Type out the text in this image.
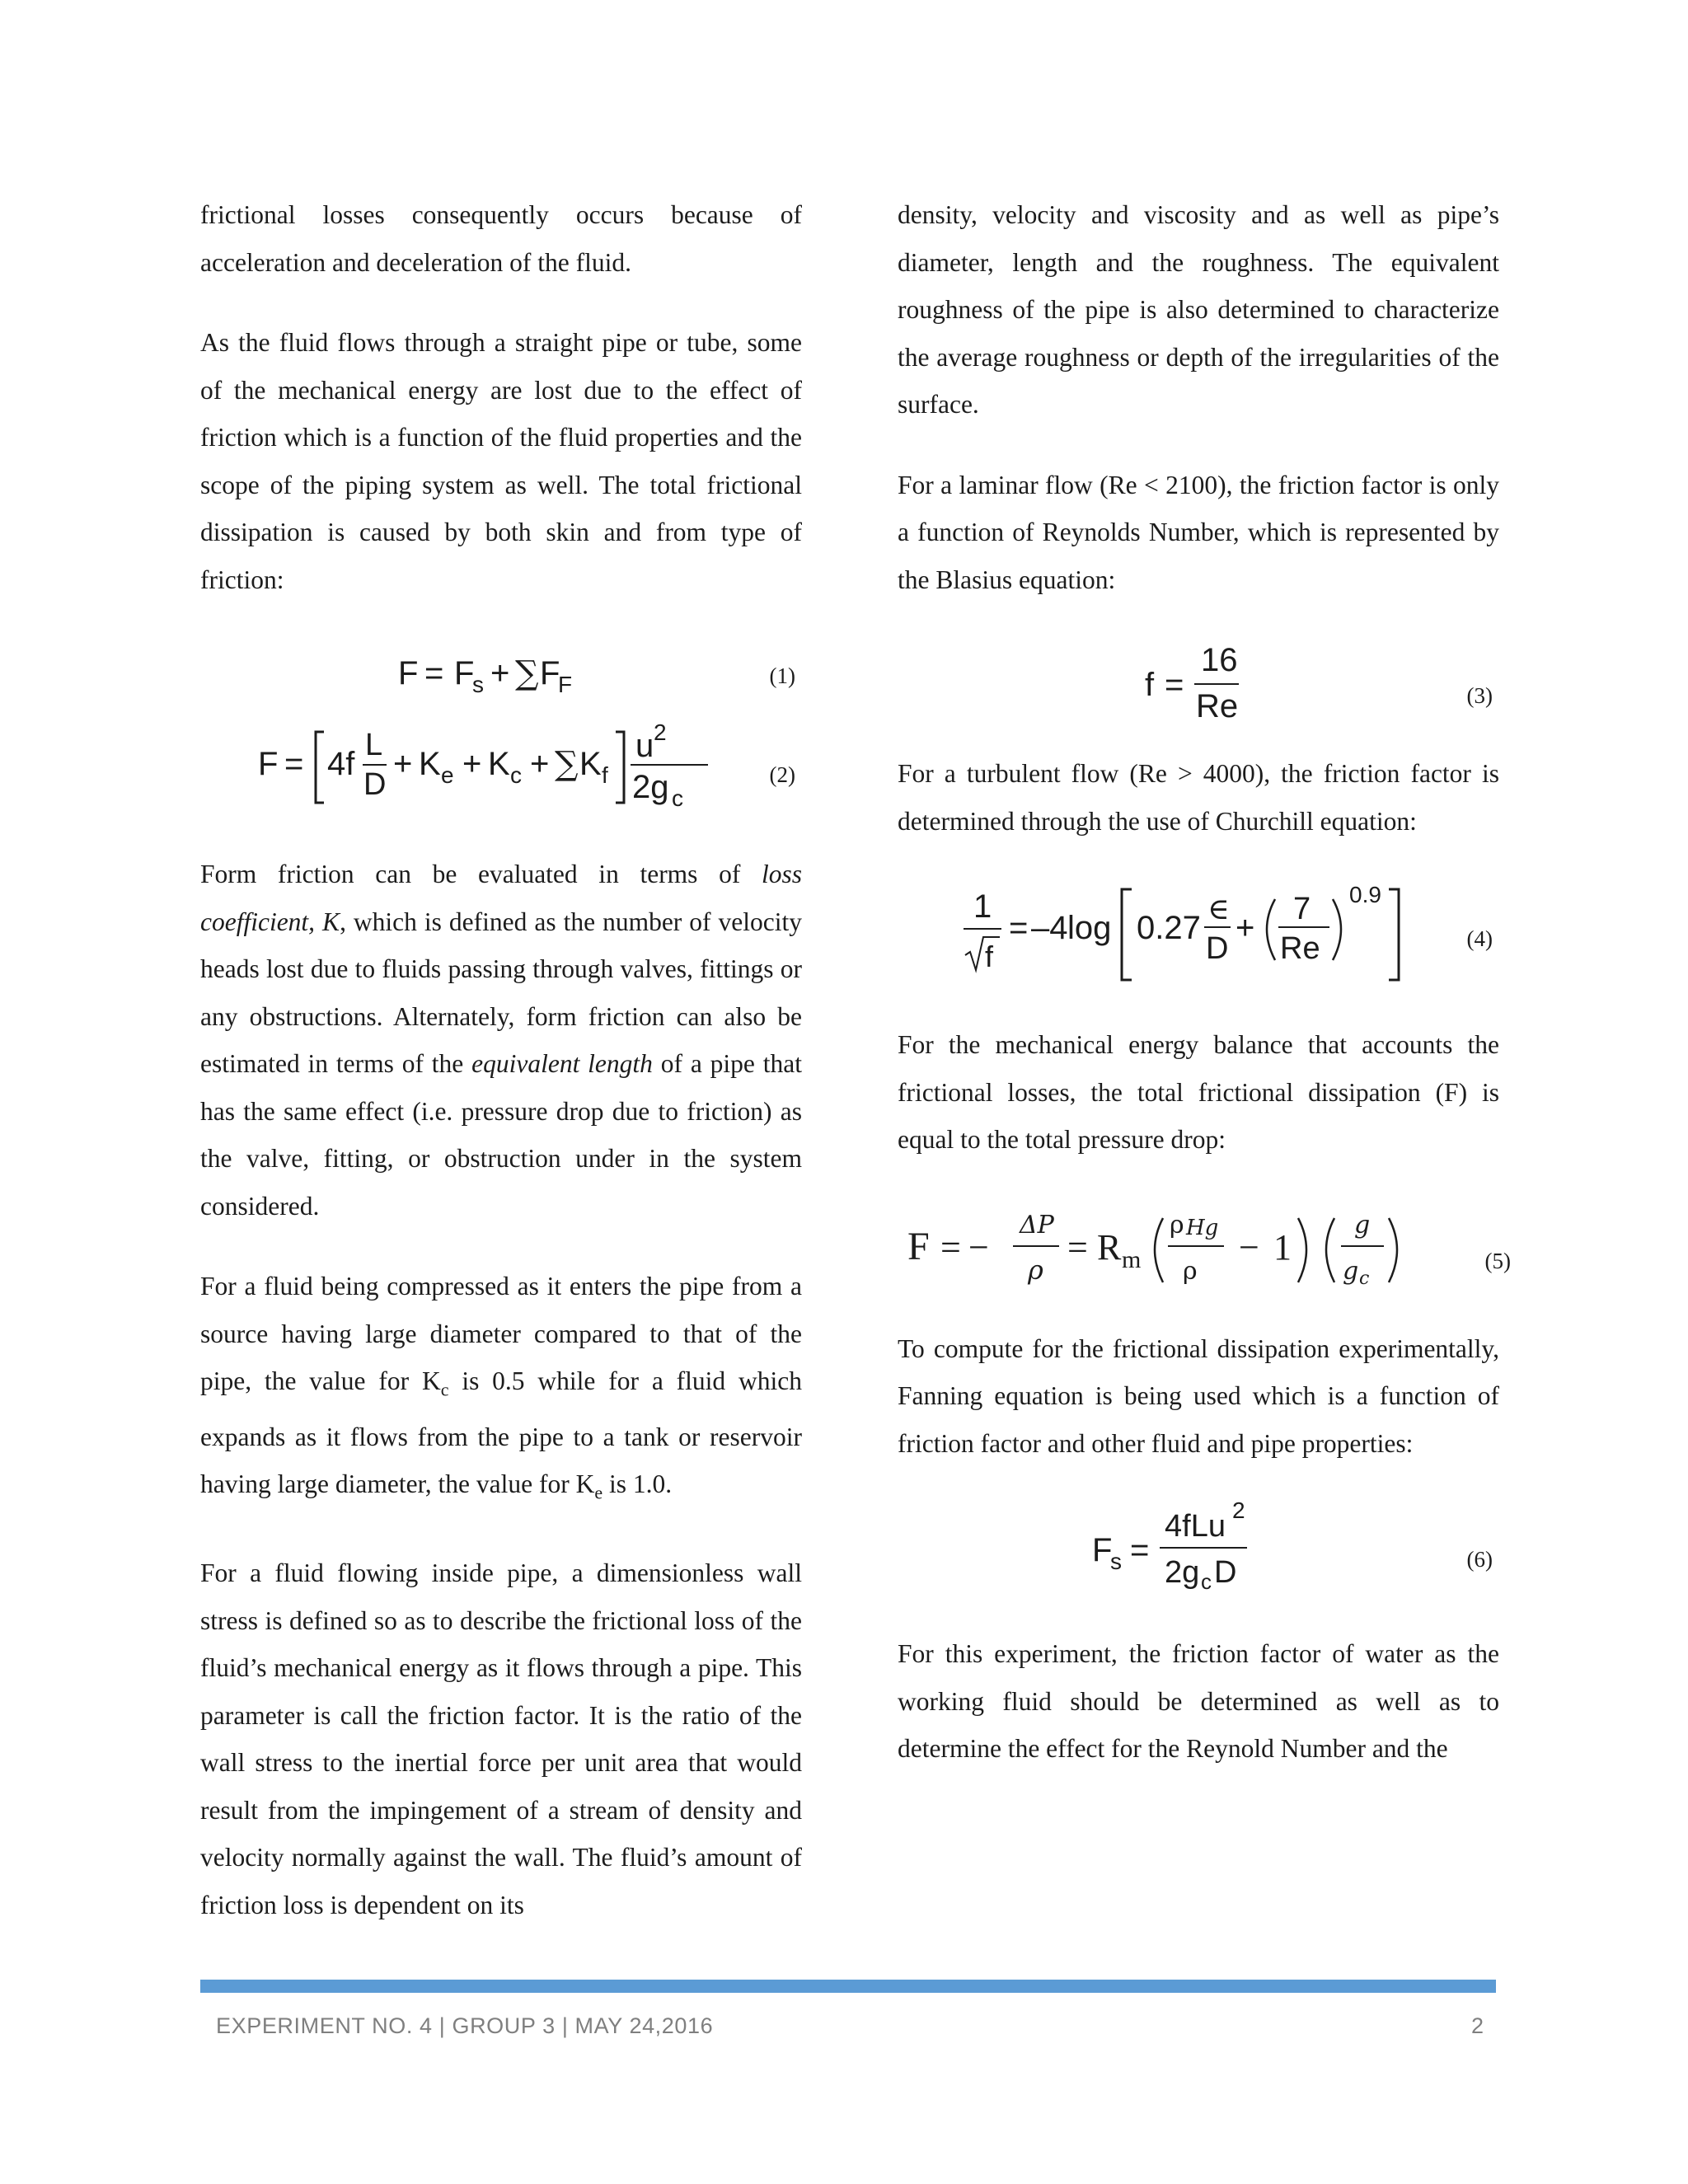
frictional losses consequently occurs because of acceleration and deceleration of the fluid.

As the fluid flows through a straight pipe or tube, some of the mechanical energy are lost due to the effect of friction which is a function of the fluid properties and the scope of the piping system as well. The total frictional dissipation is caused by both skin and from type of friction:

F = F
s + ∑ F
F	(1)
F = 4f
L
D
+ K e + K c + ∑ K f
u 2
2g c
(2)

Form friction can be evaluated in terms of loss coefficient, K, which is defined as the number of velocity heads lost due to fluids passing through valves, fittings or any obstructions. Alternately, form friction can also be estimated in terms of the equivalent length of a pipe that has the same effect (i.e. pressure drop due to friction) as the valve, fitting, or obstruction under in the system considered.

For a fluid being compressed as it enters the pipe from a source having large diameter compared to that of the pipe, the value for $K_c$ is 0.5 while for a fluid which expands as it flows from the pipe to a tank or reservoir having large diameter, the value for $K_e$ is 1.0.

For a fluid flowing inside pipe, a dimensionless wall stress is defined so as to describe the frictional loss of the fluid’s mechanical energy as it flows through a pipe. This parameter is call the friction factor. It is the ratio of the wall stress to the inertial force per unit area that would result from the impingement of a stream of density and velocity normally against the wall. The fluid’s amount of friction loss is dependent on its

density, velocity and viscosity and as well as pipe’s diameter, length and the roughness. The equivalent roughness of the pipe is also determined to characterize the average roughness or depth of the irregularities of the surface.

For a laminar flow (Re < 2100), the friction factor is only a function of Reynolds Number, which is represented by the Blasius equation:

f =
16
Re	(3)

For a turbulent flow (Re > 4000), the friction factor is determined through the use of Churchill equation:

1
f
= –4 log 0.27
∈
D
+
7
Re
0.9
(4)

For the mechanical energy balance that accounts the frictional losses, the total frictional dissipation (F) is equal to the total pressure drop:

F = −
ΔP
ρ
= R m
ρ Hg
ρ
− 1
g
g c
(5)

To compute for the frictional dissipation experimentally, Fanning equation is being used which is a function of friction factor and other fluid and pipe properties:

F
s =
4fLu 2
2g c D	(6)

For this experiment, the friction factor of water as the working fluid should be determined as well as to determine the effect for the Reynold Number and the

EXPERIMENT NO. 4 | GROUP 3 | MAY 24,2016	2
